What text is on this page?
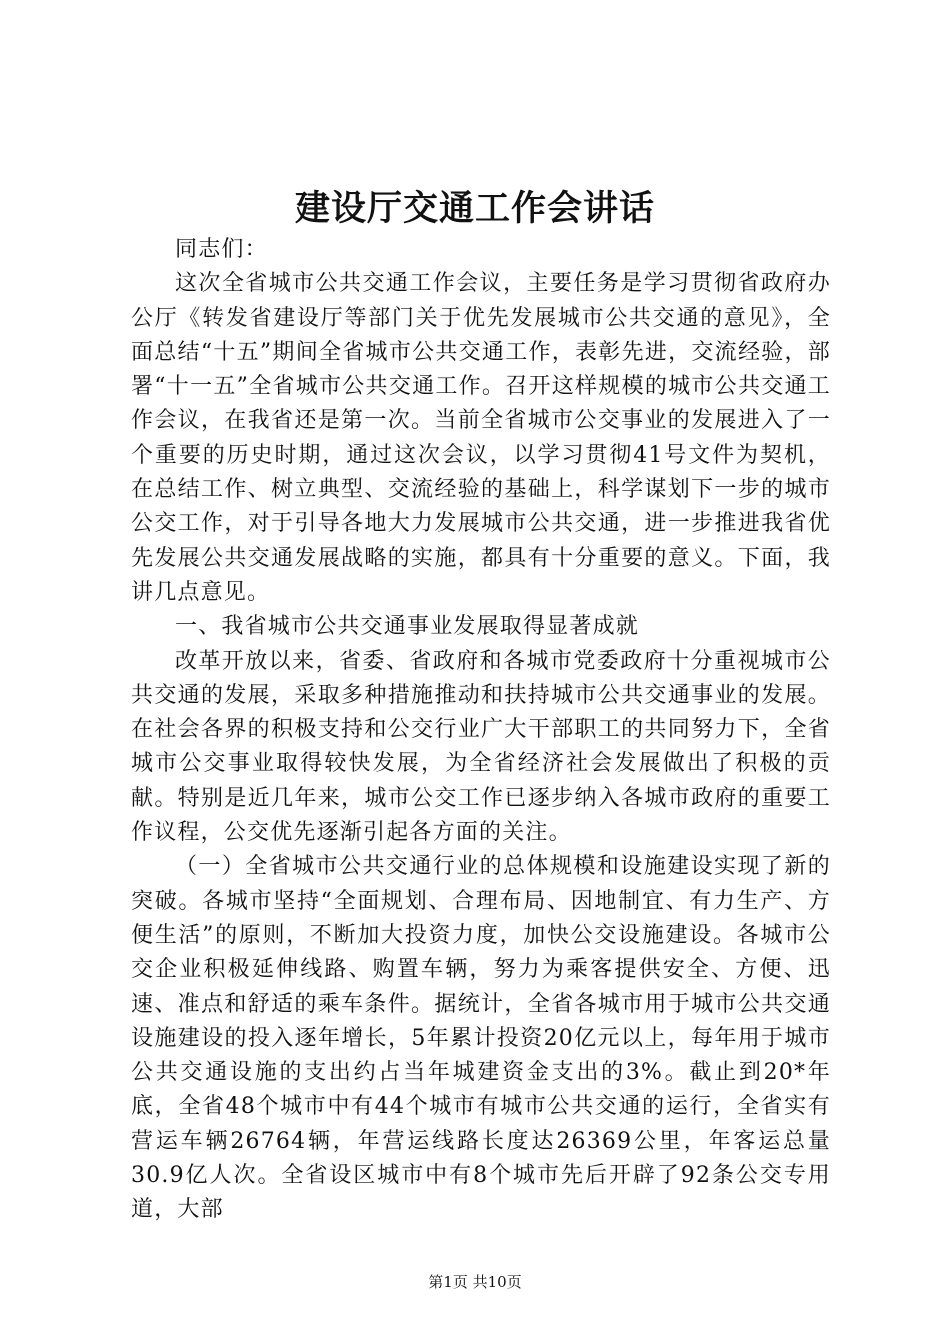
建设厅交通工作会讲话

同志们：

这次全省城市公共交通工作会议，主要任务是学习贯彻省政府办公厅《转发省建设厅等部门关于优先发展城市公共交通的意见》，全面总结“十五”期间全省城市公共交通工作，表彰先进，交流经验，部署“十一五”全省城市公共交通工作。召开这样规模的城市公共交通工作会议，在我省还是第一次。当前全省城市公交事业的发展进入了一个重要的历史时期，通过这次会议，以学习贯彻41号文件为契机，在总结工作、树立典型、交流经验的基础上，科学谋划下一步的城市公交工作，对于引导各地大力发展城市公共交通，进一步推进我省优先发展公共交通发展战略的实施，都具有十分重要的意义。下面，我讲几点意见。

一、我省城市公共交通事业发展取得显著成就

改革开放以来，省委、省政府和各城市党委政府十分重视城市公共交通的发展，采取多种措施推动和扶持城市公共交通事业的发展。在社会各界的积极支持和公交行业广大干部职工的共同努力下，全省城市公交事业取得较快发展，为全省经济社会发展做出了积极的贡献。特别是近几年来，城市公交工作已逐步纳入各城市政府的重要工作议程，公交优先逐渐引起各方面的关注。

（一）全省城市公共交通行业的总体规模和设施建设实现了新的突破。各城市坚持“全面规划、合理布局、因地制宜、有力生产、方便生活”的原则，不断加大投资力度，加快公交设施建设。各城市公交企业积极延伸线路、购置车辆，努力为乘客提供安全、方便、迅速、准点和舒适的乘车条件。据统计，全省各城市用于城市公共交通设施建设的投入逐年增长，5年累计投资20亿元以上，每年用于城市公共交通设施的支出约占当年城建资金支出的3%。截止到20*年底，全省48个城市中有44个城市有城市公共交通的运行，全省实有营运车辆26764辆，年营运线路长度达26369公里，年客运总量30.9亿人次。全省设区城市中有8个城市先后开辟了92条公交专用道，大部

第1页 共10页
